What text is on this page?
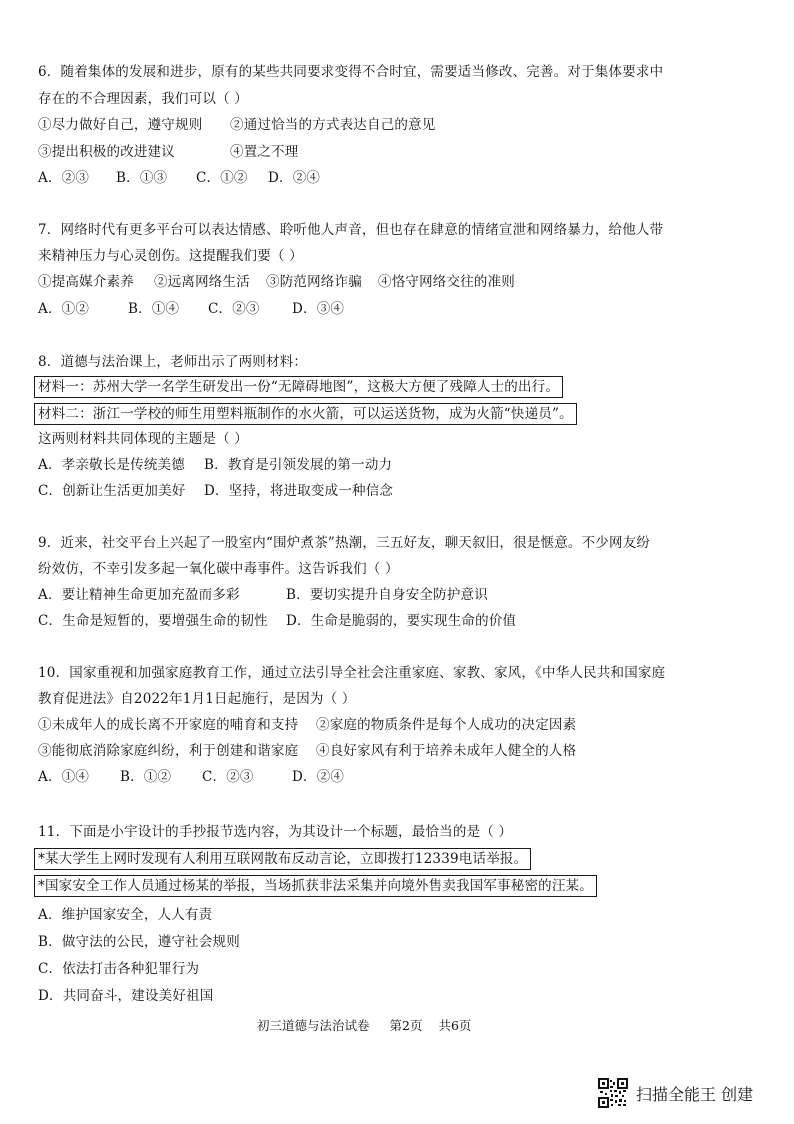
6．随着集体的发展和进步，原有的某些共同要求变得不合时宜，需要适当修改、完善。对于集体要求中
存在的不合理因素，我们可以（ ）
①尽力做好自己，遵守规则 ②通过恰当的方式表达自己的意见
③提出积极的改进建议	④置之不理
A．②③ B．①③ C．①② D．②④
7．网络时代有更多平台可以表达情感、聆听他人声音，但也存在肆意的情绪宣泄和网络暴力，给他人带
来精神压力与心灵创伤。这提醒我们要（ ）
①提高媒介素养 ②远离网络生活 ③防范网络诈骗 ④恪守网络交往的准则
A．①②	B．①④ C．②③ D．③④
8．道德与法治课上，老师出示了两则材料：
材料一：苏州大学一名学生研发出一份“无障碍地图”，这极大方便了残障人士的出行。
材料二：浙江一学校的师生用塑料瓶制作的水火箭，可以运送货物，成为火箭“快递员”。
这两则材料共同体现的主题是（ ）
A．孝亲敬长是传统美德 B．教育是引领发展的第一动力
C．创新让生活更加美好 D．坚持，将进取变成一种信念
9．近来，社交平台上兴起了一股室内“围炉煮茶”热潮，三五好友，聊天叙旧，很是惬意。不少网友纷
纷效仿，不幸引发多起一氧化碳中毒事件。这告诉我们（ ）
A．要让精神生命更加充盈而多彩	B．要切实提升自身安全防护意识
C．生命是短暂的，要增强生命的韧性 D．生命是脆弱的，要实现生命的价值
10．国家重视和加强家庭教育工作，通过立法引导全社会注重家庭、家教、家风，《中华人民共和国家庭
教育促进法》自2022年1月1日起施行，是因为（ ）
①未成年人的成长离不开家庭的哺育和支持 ②家庭的物质条件是每个人成功的决定因素
③能彻底消除家庭纠纷，利于创建和谐家庭 ④良好家风有利于培养未成年人健全的人格
A．①④ B．①② C．②③	D．②④
11．下面是小宇设计的手抄报节选内容，为其设计一个标题，最恰当的是（ ）
*某大学生上网时发现有人利用互联网散布反动言论，立即拨打12339电话举报。
*国家安全工作人员通过杨某的举报，当场抓获非法采集并向境外售卖我国军事秘密的汪某。
A．维护国家安全，人人有责
B．做守法的公民，遵守社会规则
C．依法打击各种犯罪行为
D．共同奋斗，建设美好祖国
初三道德与法治试卷 第2页 共6页
扫描全能王 创建
